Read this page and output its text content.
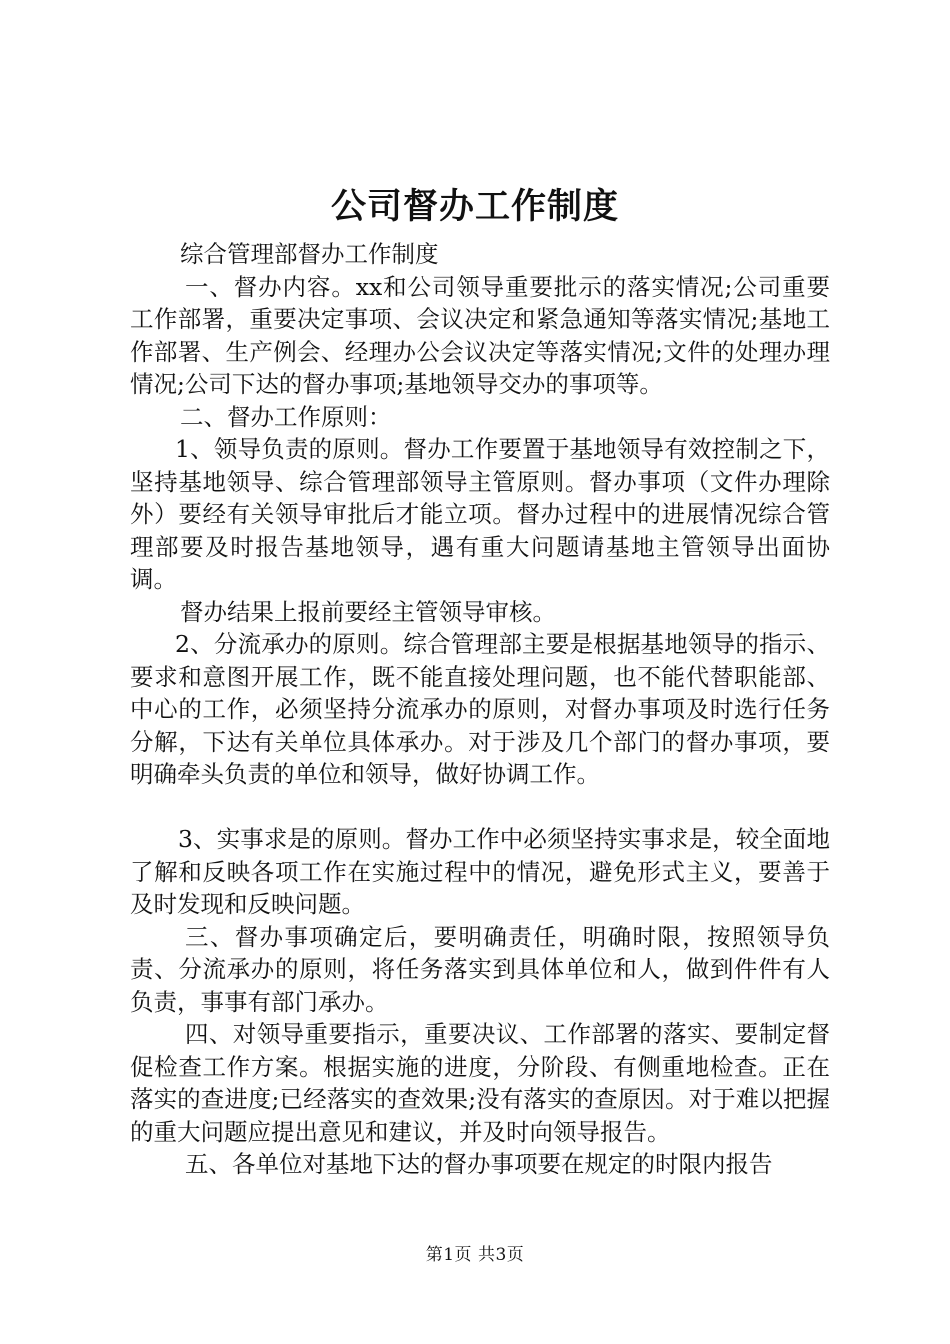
公司督办工作制度

综合管理部督办工作制度

一、督办内容。xx和公司领导重要批示的落实情况;公司重要工作部署，重要决定事项、会议决定和紧急通知等落实情况;基地工作部署、生产例会、经理办公会议决定等落实情况;文件的处理办理情况;公司下达的督办事项;基地领导交办的事项等。

二、督办工作原则：

1、领导负责的原则。督办工作要置于基地领导有效控制之下，坚持基地领导、综合管理部领导主管原则。督办事项（文件办理除外）要经有关领导审批后才能立项。督办过程中的进展情况综合管理部要及时报告基地领导，遇有重大问题请基地主管领导出面协调。

督办结果上报前要经主管领导审核。

2、分流承办的原则。综合管理部主要是根据基地领导的指示、要求和意图开展工作，既不能直接处理问题，也不能代替职能部、中心的工作，必须坚持分流承办的原则，对督办事项及时选行任务分解，下达有关单位具体承办。对于涉及几个部门的督办事项，要明确牵头负责的单位和领导，做好协调工作。

3、实事求是的原则。督办工作中必须坚持实事求是，较全面地了解和反映各项工作在实施过程中的情况，避免形式主义，要善于及时发现和反映问题。

三、督办事项确定后，要明确责任，明确时限，按照领导负责、分流承办的原则，将任务落实到具体单位和人，做到件件有人负责，事事有部门承办。

四、对领导重要指示，重要决议、工作部署的落实、要制定督促检查工作方案。根据实施的进度，分阶段、有侧重地检查。正在落实的查进度;已经落实的查效果;没有落实的查原因。对于难以把握的重大问题应提出意见和建议，并及时向领导报告。

五、各单位对基地下达的督办事项要在规定的时限内报告

第1页 共3页
